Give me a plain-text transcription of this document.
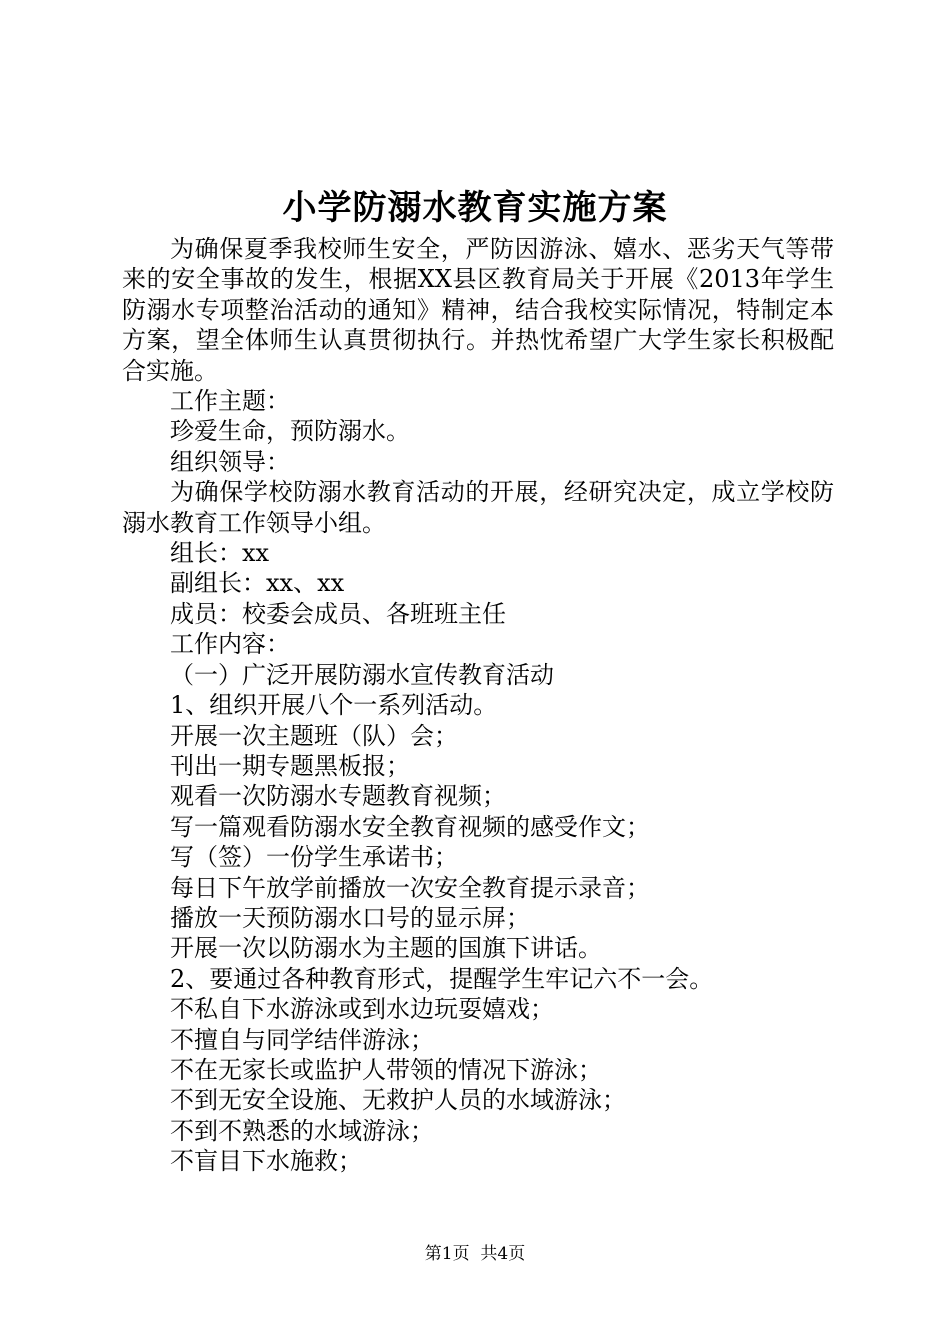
小学防溺水教育实施方案

为确保夏季我校师生安全，严防因游泳、嬉水、恶劣天气等带来的安全事故的发生，根据XX县区教育局关于开展《2013年学生防溺水专项整治活动的通知》精神，结合我校实际情况，特制定本方案，望全体师生认真贯彻执行。并热忱希望广大学生家长积极配合实施。

工作主题：

珍爱生命，预防溺水。

组织领导：

为确保学校防溺水教育活动的开展，经研究决定，成立学校防溺水教育工作领导小组。

组长：xx

副组长：xx、xx

成员：校委会成员、各班班主任

工作内容：

（一）广泛开展防溺水宣传教育活动

1、组织开展八个一系列活动。

开展一次主题班（队）会；

刊出一期专题黑板报；

观看一次防溺水专题教育视频；

写一篇观看防溺水安全教育视频的感受作文；

写（签）一份学生承诺书；

每日下午放学前播放一次安全教育提示录音；

播放一天预防溺水口号的显示屏；

开展一次以防溺水为主题的国旗下讲话。

2、要通过各种教育形式，提醒学生牢记六不一会。

不私自下水游泳或到水边玩耍嬉戏；

不擅自与同学结伴游泳；

不在无家长或监护人带领的情况下游泳；

不到无安全设施、无救护人员的水域游泳；

不到不熟悉的水域游泳；

不盲目下水施救；

第1页 共4页
